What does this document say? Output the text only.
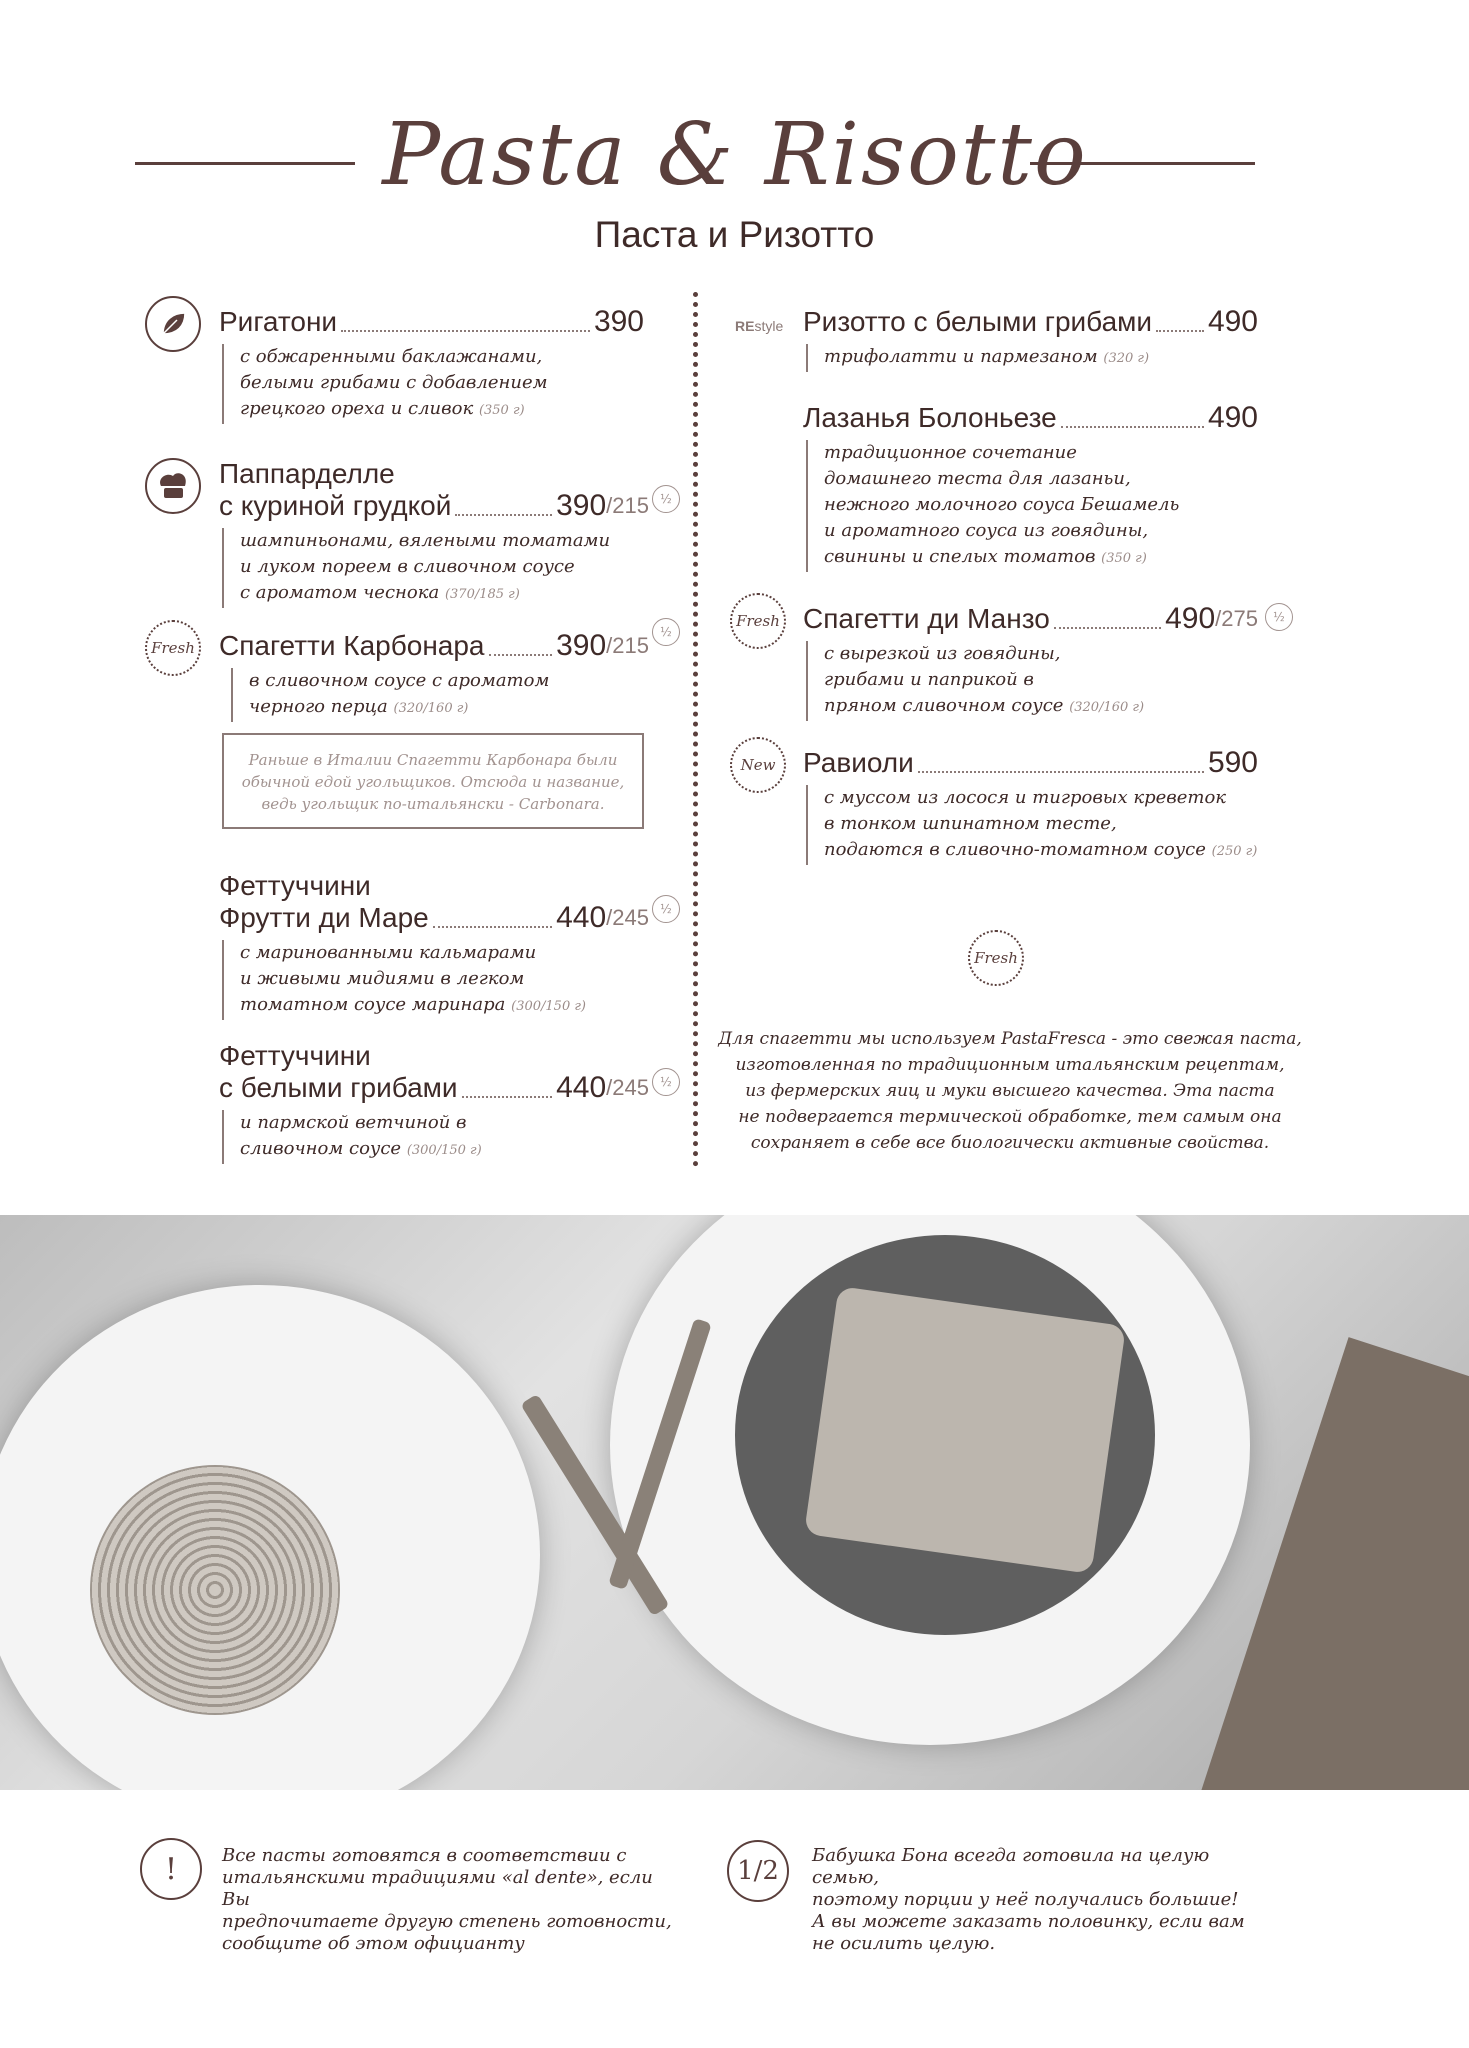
Pasta & Risotto
Паста и Ризотто
Ригатони	390
с обжаренными баклажанами,
белыми грибами с добавлением
грецкого ореха и сливок (350 г)
Паппарделле
с куриной грудкой	390 /215
шампиньонами, вялеными томатами
и луком пореем в сливочном соусе
с ароматом чеснока (370/185 г)
½
Fresh Спагетти Карбонара 390 /215
в сливочном соусе с ароматом
черного перца (320/160 г)
½
Раньше в Италии Спагетти Карбонара были
обычной едой угольщиков. Отсюда и название,
ведь угольщик по-итальянски - Carbonara.
Феттуччини
Фрутти ди Маре	440 /245
с маринованными кальмарами
и живыми мидиями в легком
томатном соусе маринара (300/150 г)
½
Феттуччини
с белыми грибами	440 /245
и пармской ветчиной в
сливочном соусе (300/150 г)
½
REstyle Ризотто с белыми грибами 490
трифолатти и пармезаном (320 г)
Лазанья Болоньезе	490
традиционное сочетание
домашнего теста для лазаньи,
нежного молочного соуса Бешамель
и ароматного соуса из говядины,
свинины и спелых томатов (350 г)
Fresh Спагетти ди Манзо	490 /275
с вырезкой из говядины,
грибами и паприкой в
пряном сливочном соусе (320/160 г)
½
New Равиоли	590
с муссом из лосося и тигровых креветок
в тонком шпинатном тесте,
подаются в сливочно-томатном соусе (250 г)
Fresh
Для спагетти мы используем PastaFresca - это свежая паста,
изготовленная по традиционным итальянским рецептам,
из фермерских яиц и муки высшего качества. Эта паста
не подвергается термической обработке, тем самым она
сохраняет в себе все биологически активные свойства.
!	Все пасты готовятся в соответствии с
итальянскими традициями «al dente», если Вы
предпочитаете другую степень готовности,
сообщите об этом официанту
1/2
Бабушка Бона всегда готовила на целую семью,
поэтому порции у неё получались большие!
А вы можете заказать половинку, если вам
не осилить целую.
